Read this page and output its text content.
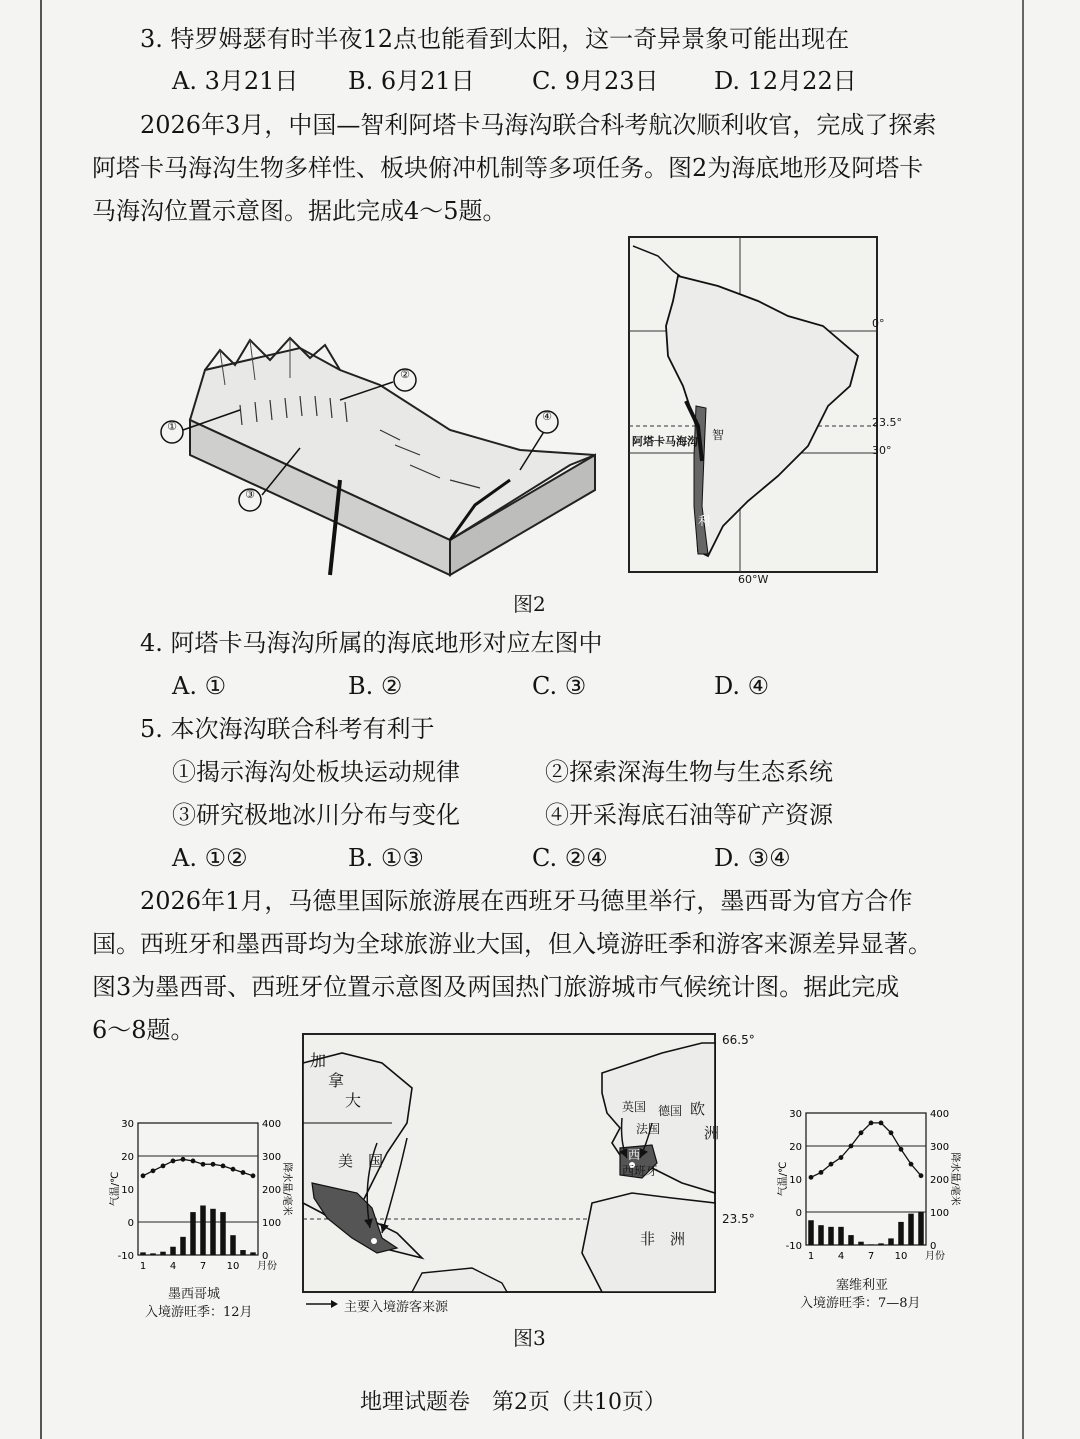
3. 特罗姆瑟有时半夜12点也能看到太阳，这一奇异景象可能出现在
A. 3月21日 B. 6月21日 C. 9月23日 D. 12月22日
2026年3月，中国—智利阿塔卡马海沟联合科考航次顺利收官，完成了探索
阿塔卡马海沟生物多样性、板块俯冲机制等多项任务。图2为海底地形及阿塔卡
马海沟位置示意图。据此完成4～5题。
①
②
③
④
阿塔卡马海沟 智
利
0°
23.5°
30°
60°W
图2
4. 阿塔卡马海沟所属的海底地形对应左图中
A. ①	B. ②	C. ③	D. ④
5. 本次海沟联合科考有利于
①揭示海沟处板块运动规律	②探索深海生物与生态系统
③研究极地冰川分布与变化	④开采海底石油等矿产资源
A. ①②	B. ①③	C. ②④	D. ③④
2026年1月，马德里国际旅游展在西班牙马德里举行，墨西哥为官方合作
国。西班牙和墨西哥均为全球旅游业大国，但入境游旺季和游客来源差异显著。
图3为墨西哥、西班牙位置示意图及两国热门旅游城市气候统计图。据此完成
6～8题。
加
拿
大
美　国
英国 德国
法国
欧
洲
西
西班牙
非　洲
66.5°
23.5°
主要入境游客来源
30
20
10
0
-10
400
300
200
100
0
1 4 7 10 月份
气温/℃	降水量/毫米
墨西哥城
入境游旺季：12月
30
20
10
0
-10
400
300
200
100
0
1 4 7 10 月份
气温/℃	降水量/毫米
塞维利亚
入境游旺季：7—8月
图3
地理试题卷　第2页（共10页）
